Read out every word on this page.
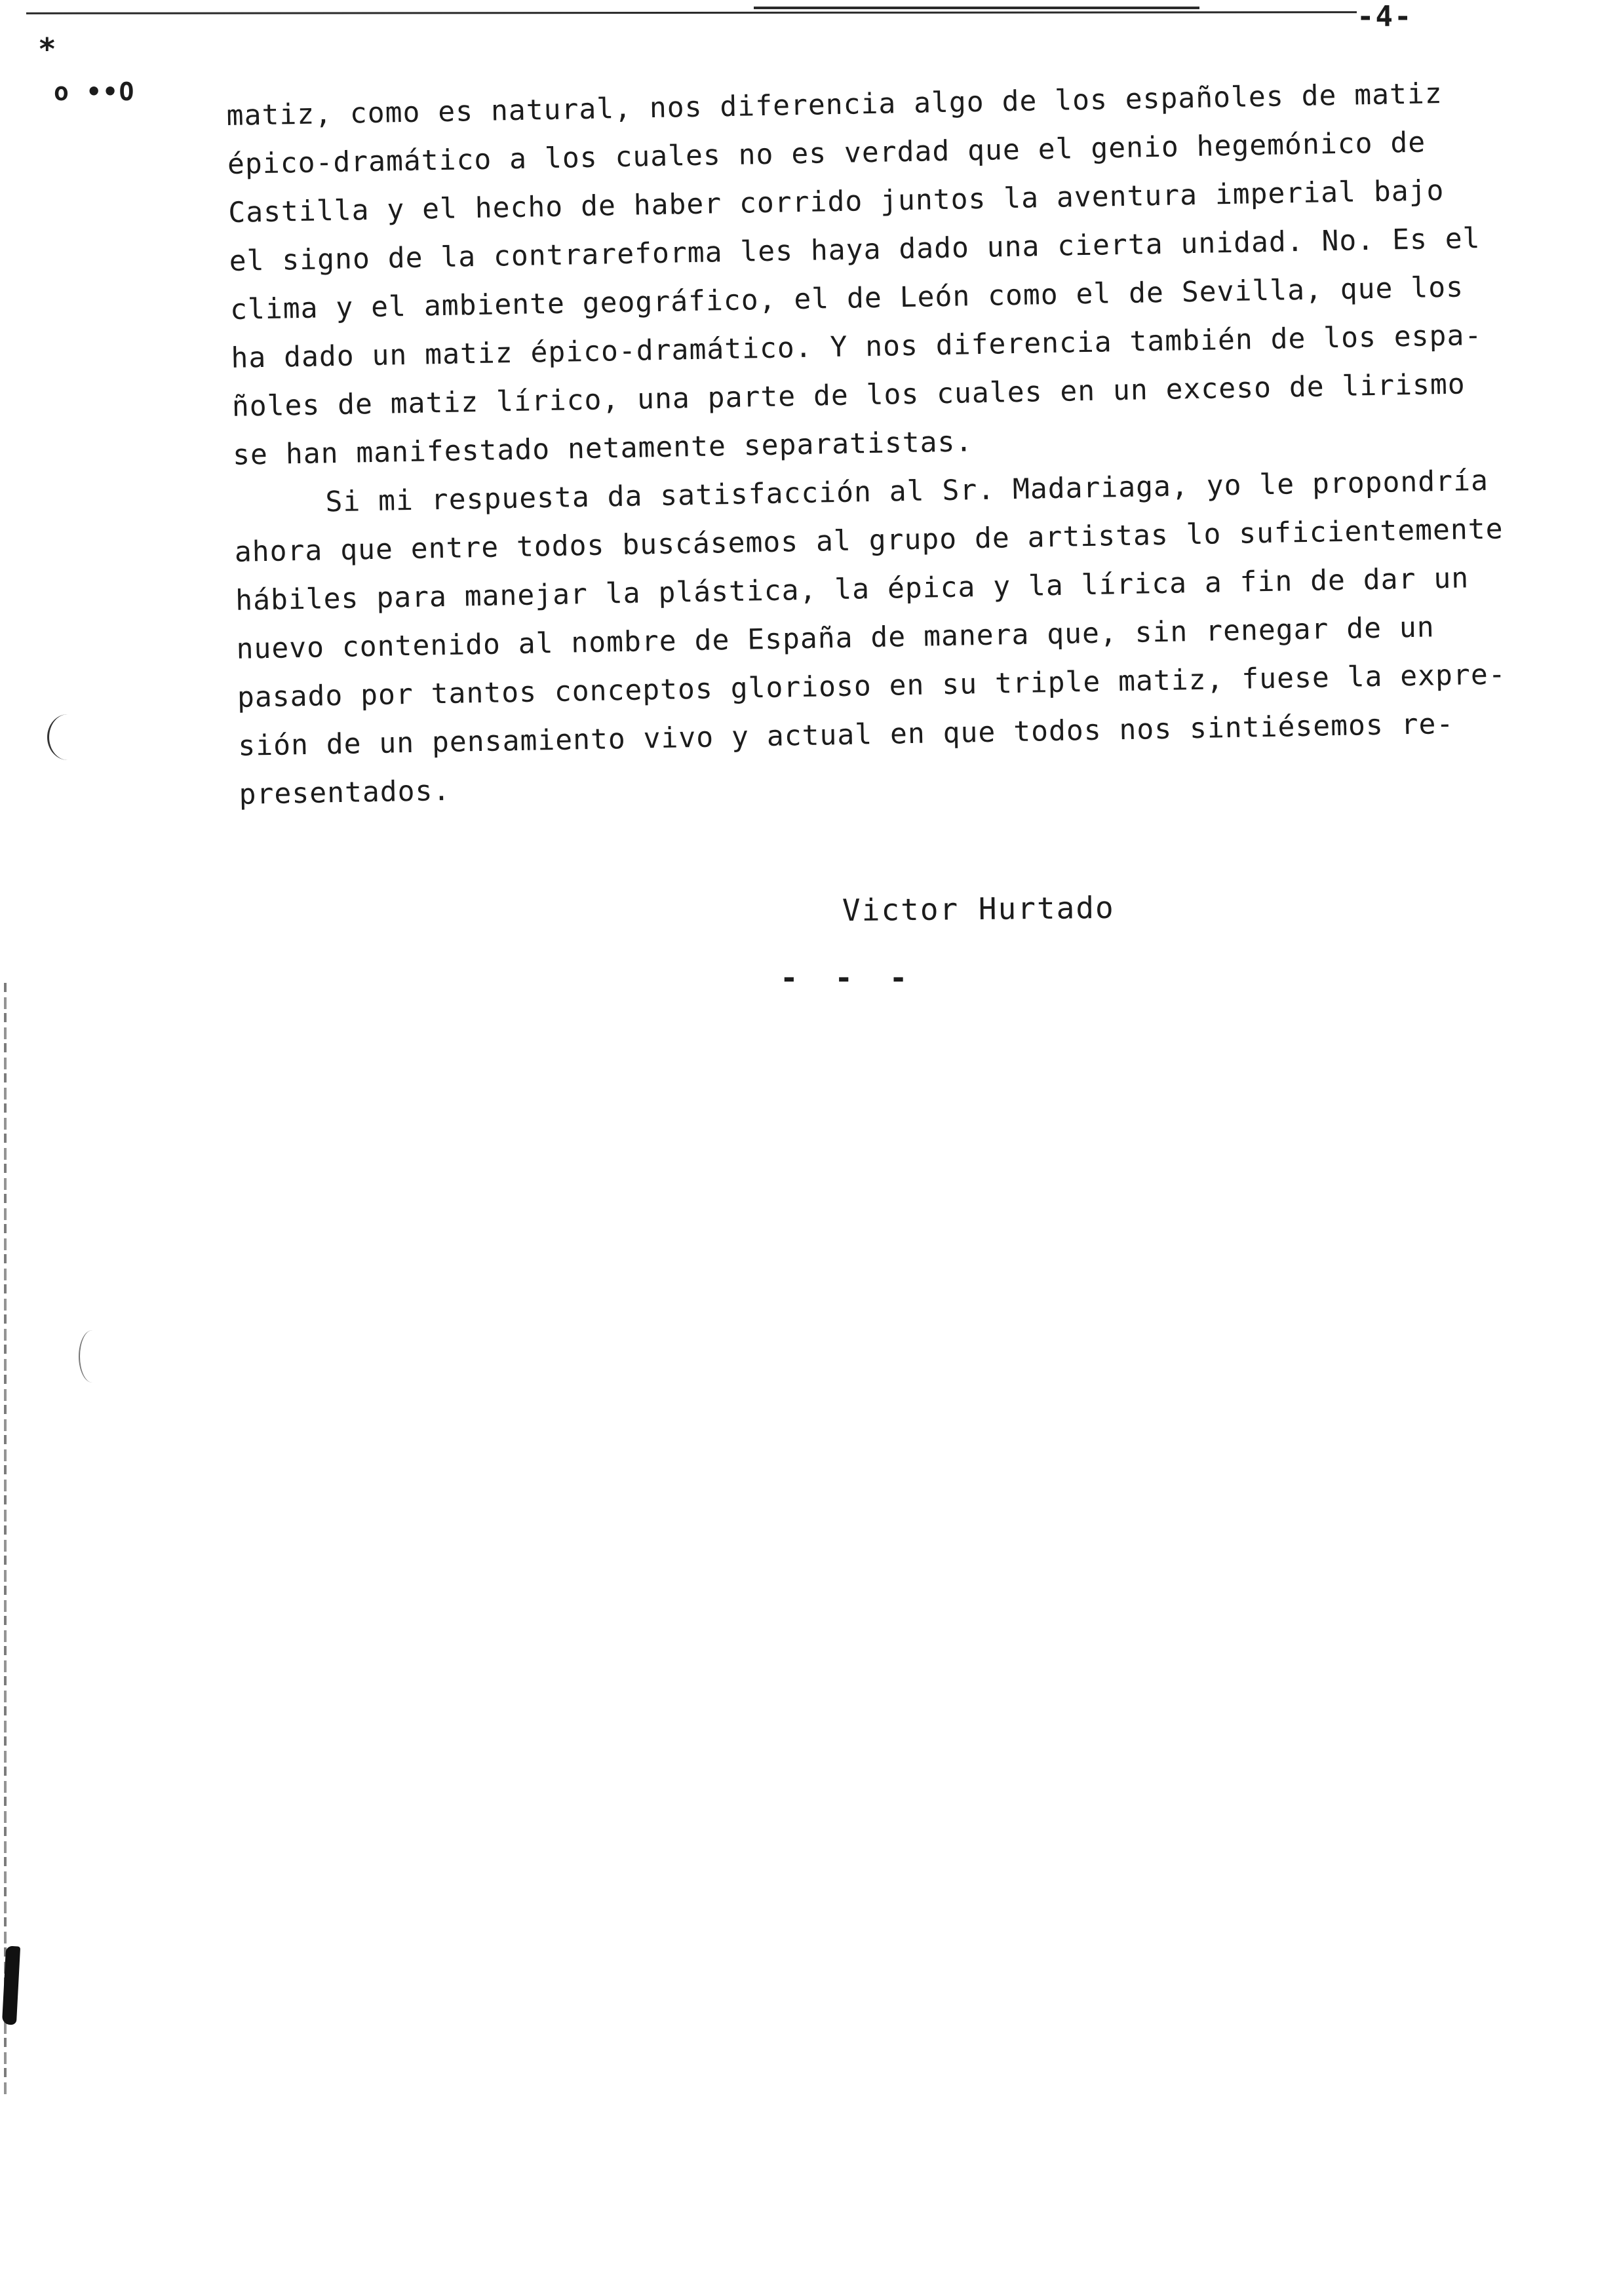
-4-
*
o ••O	matiz, como es natural, nos diferencia algo de los españoles de matiz
épico-dramático a los cuales no es verdad que el genio hegemónico de
Castilla y el hecho de haber corrido juntos la aventura imperial bajo
el signo de la contrareforma les haya dado una cierta unidad. No. Es el
clima y el ambiente geográfico, el de León como el de Sevilla, que los
ha dado un matiz épico-dramático. Y nos diferencia también de los espa-
ñoles de matiz lírico, una parte de los cuales en un exceso de lirismo
se han manifestado netamente separatistas.
Si mi respuesta da satisfacción al Sr. Madariaga, yo le propondría
ahora que entre todos buscásemos al grupo de artistas lo suficientemente
hábiles para manejar la plástica, la épica y la lírica a fin de dar un
nuevo contenido al nombre de España de manera que, sin renegar de un
pasado por tantos conceptos glorioso en su triple matiz, fuese la expre-
sión de un pensamiento vivo y actual en que todos nos sintiésemos re-
presentados.
Victor Hurtado
- - -
